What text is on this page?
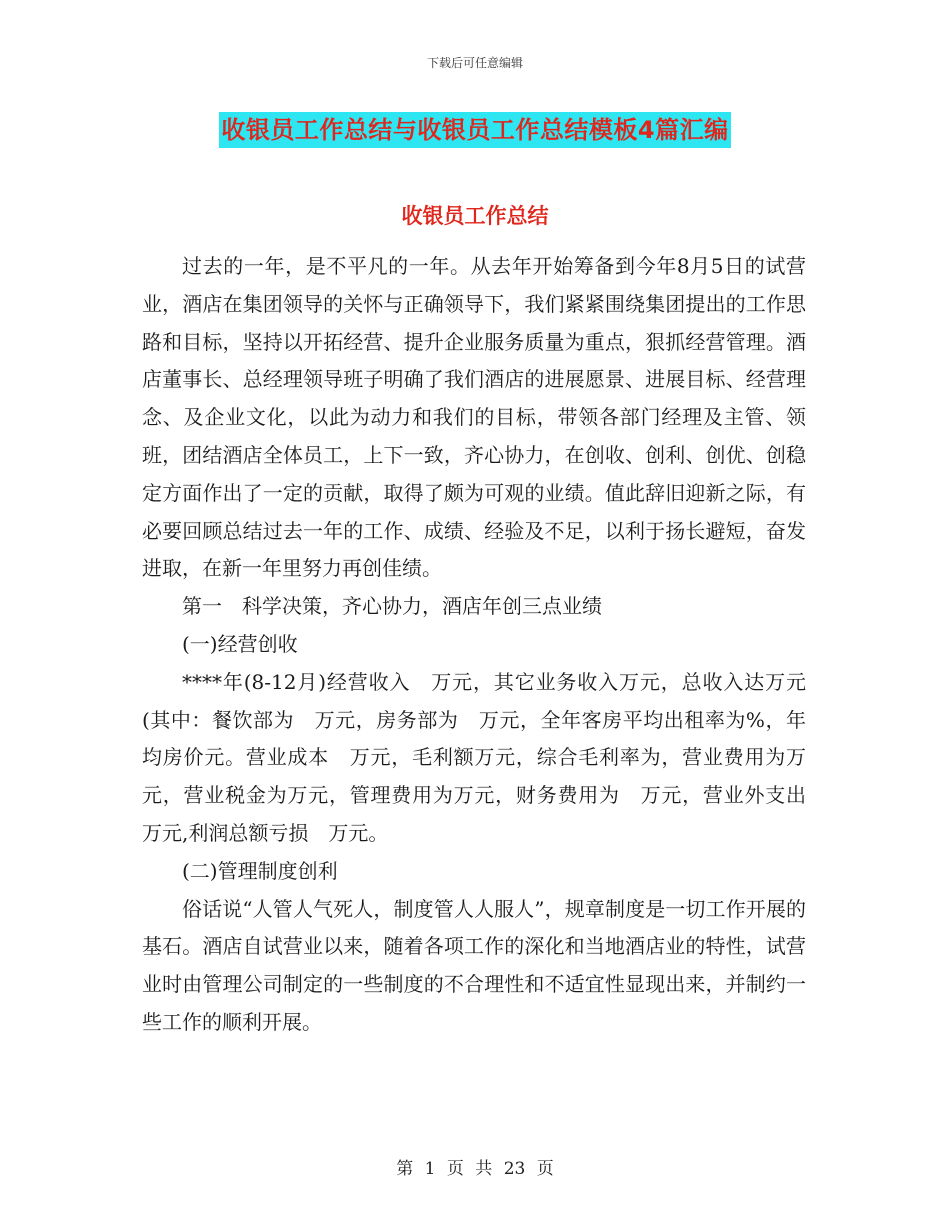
下载后可任意编辑
收银员工作总结与收银员工作总结模板4篇汇编
收银员工作总结

过去的一年，是不平凡的一年。从去年开始筹备到今年8月5日的试营业，酒店在集团领导的关怀与正确领导下，我们紧紧围绕集团提出的工作思路和目标，坚持以开拓经营、提升企业服务质量为重点，狠抓经营管理。酒店董事长、总经理领导班子明确了我们酒店的进展愿景、进展目标、经营理念、及企业文化，以此为动力和我们的目标，带领各部门经理及主管、领班，团结酒店全体员工，上下一致，齐心协力，在创收、创利、创优、创稳定方面作出了一定的贡献，取得了颇为可观的业绩。值此辞旧迎新之际，有必要回顾总结过去一年的工作、成绩、经验及不足，以利于扬长避短，奋发进取，在新一年里努力再创佳绩。

第一　科学决策，齐心协力，酒店年创三点业绩

(一)经营创收

****年(8-12月)经营收入　万元，其它业务收入万元，总收入达万元(其中：餐饮部为　万元，房务部为　万元，全年客房平均出租率为%，年均房价元。营业成本　万元，毛利额万元，综合毛利率为，营业费用为万元，营业税金为万元，管理费用为万元，财务费用为　万元，营业外支出　万元,利润总额亏损　万元。

(二)管理制度创利

俗话说“人管人气死人，制度管人人服人”，规章制度是一切工作开展的基石。酒店自试营业以来，随着各项工作的深化和当地酒店业的特性，试营业时由管理公司制定的一些制度的不合理性和不适宜性显现出来，并制约一些工作的顺利开展。

第 1 页 共 23 页
